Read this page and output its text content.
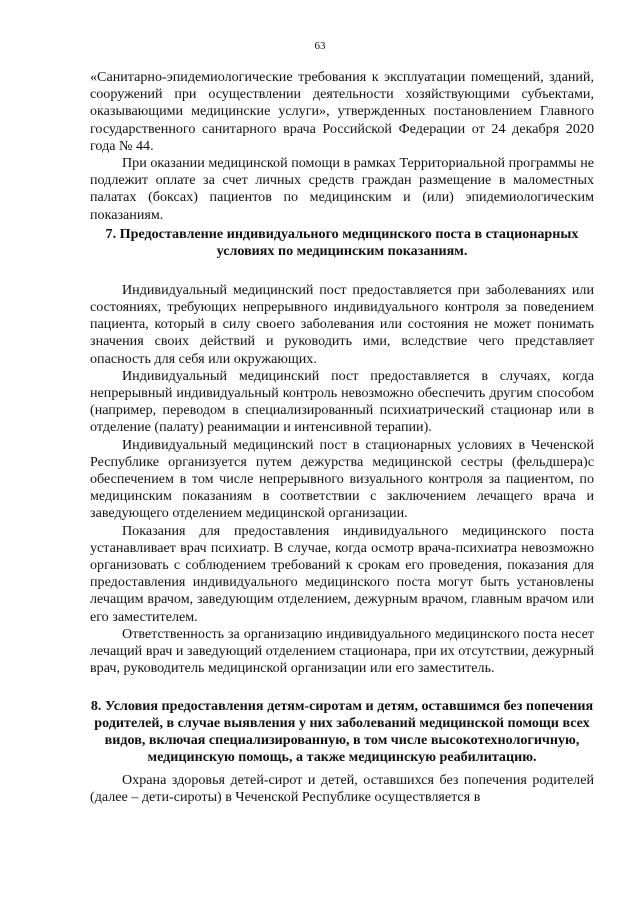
63

«Санитарно-эпидемиологические требования к эксплуатации помещений, зданий, сооружений при осуществлении деятельности хозяйствующими субъектами, оказывающими медицинские услуги», утвержденных постановлением Главного государственного санитарного врача Российской Федерации от 24 декабря 2020 года № 44.

При оказании медицинской помощи в рамках Территориальной программы не подлежит оплате за счет личных средств граждан размещение в маломестных палатах (боксах) пациентов по медицинским и (или) эпидемиологическим показаниям.

7. Предоставление индивидуального медицинского поста в стационарных условиях по медицинским показаниям.

Индивидуальный медицинский пост предоставляется при заболеваниях или состояниях, требующих непрерывного индивидуального контроля за поведением пациента, который в силу своего заболевания или состояния не может понимать значения своих действий и руководить ими, вследствие чего представляет опасность для себя или окружающих.

Индивидуальный медицинский пост предоставляется в случаях, когда непрерывный индивидуальный контроль невозможно обеспечить другим способом (например, переводом в специализированный психиатрический стационар или в отделение (палату) реанимации и интенсивной терапии).

Индивидуальный медицинский пост в стационарных условиях в Чеченской Республике организуется путем дежурства медицинской сестры (фельдшера)с обеспечением в том числе непрерывного визуального контроля за пациентом, по медицинским показаниям в соответствии с заключением лечащего врача и заведующего отделением медицинской организации.

Показания для предоставления индивидуального медицинского поста устанавливает врач психиатр. В случае, когда осмотр врача-психиатра невозможно организовать с соблюдением требований к срокам его проведения, показания для предоставления индивидуального медицинского поста могут быть установлены лечащим врачом, заведующим отделением, дежурным врачом, главным врачом или его заместителем.

Ответственность за организацию индивидуального медицинского поста несет лечащий врач и заведующий отделением стационара, при их отсутствии, дежурный врач, руководитель медицинской организации или его заместитель.

8. Условия предоставления детям-сиротам и детям, оставшимся без попечения родителей, в случае выявления у них заболеваний медицинской помощи всех видов, включая специализированную, в том числе высокотехнологичную, медицинскую помощь, а также медицинскую реабилитацию.

Охрана здоровья детей-сирот и детей, оставшихся без попечения родителей (далее – дети-сироты) в Чеченской Республике осуществляется в
